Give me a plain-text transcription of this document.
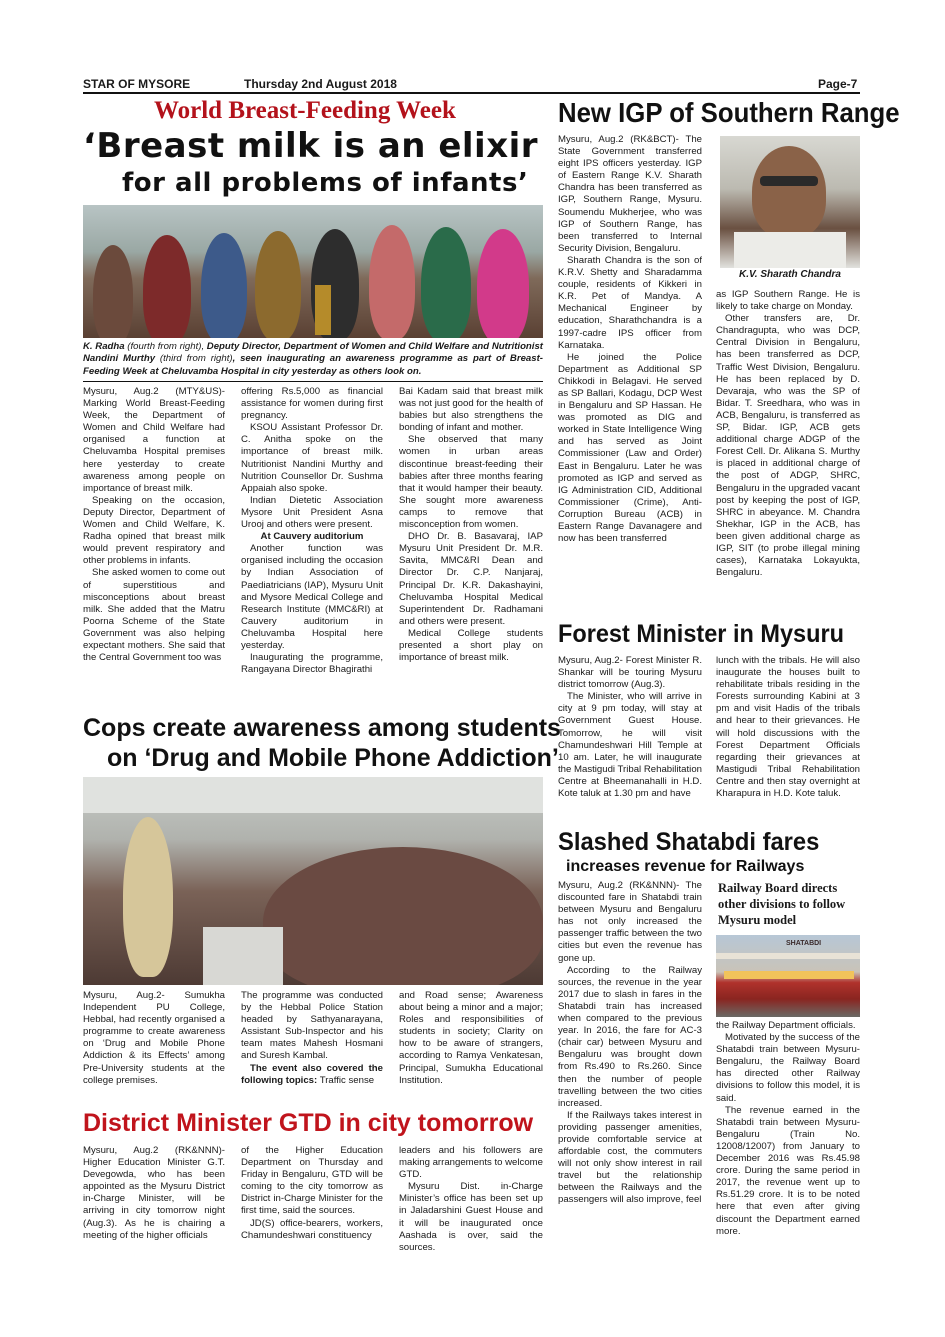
STAR OF MYSORE	Thursday 2nd August 2018	Page-7
World Breast-Feeding Week
‘Breast milk is an elixir
for all problems of infants’
K. Radha (fourth from right), Deputy Director, Department of Women and Child Welfare and Nutritionist Nandini Murthy (third from right), seen inaugurating an awareness programme as part of Breast-Feeding Week at Cheluvamba Hospital in city yesterday as others look on.

Mysuru, Aug.2 (MTY&US)- Marking World Breast-Feeding Week, the Department of Women and Child Welfare had organised a function at Cheluvamba Hospital premises here yesterday to create awareness among people on importance of breast milk.

Speaking on the occasion, Deputy Director, Department of Women and Child Welfare, K. Radha opined that breast milk would prevent respiratory and other problems in infants.

She asked women to come out of superstitious and misconceptions about breast milk. She added that the Matru Poorna Scheme of the State Government was also helping expectant mothers. She said that the Central Government too was

offering Rs.5,000 as financial assistance for women during first pregnancy.

KSOU Assistant Professor Dr. C. Anitha spoke on the importance of breast milk. Nutritionist Nandini Murthy and Nutrition Counsellor Dr. Sushma Appaiah also spoke.

Indian Dietetic Association Mysore Unit President Asna Urooj and others were present.

At Cauvery auditorium

Another function was organised including the occasion by Indian Association of Paediatricians (IAP), Mysuru Unit and Mysore Medical College and Research Institute (MMC&RI) at Cauvery auditorium in Cheluvamba Hospital here yesterday.

Inaugurating the programme, Rangayana Director Bhagirathi

Bai Kadam said that breast milk was not just good for the health of babies but also strengthens the bonding of infant and mother.

She observed that many women in urban areas discontinue breast-feeding their babies after three months fearing that it would hamper their beauty. She sought more awareness camps to remove that misconception from women.

DHO Dr. B. Basavaraj, IAP Mysuru Unit President Dr. M.R. Savita, MMC&RI Dean and Director Dr. C.P. Nanjaraj, Principal Dr. K.R. Dakashayini, Cheluvamba Hospital Medical Superintendent Dr. Radhamani and others were present.

Medical College students presented a short play on importance of breast milk.

Cops create awareness among students
on ‘Drug and Mobile Phone Addiction’

Mysuru, Aug.2- Sumukha Independent PU College, Hebbal, had recently organised a programme to create awareness on ‘Drug and Mobile Phone Addiction & its Effects’ among Pre-University students at the college premises.

The programme was conducted by the Hebbal Police Station headed by Sathyanarayana, Assistant Sub-Inspector and his team mates Mahesh Hosmani and Suresh Kambal.

The event also covered the following topics: Traffic sense

and Road sense; Awareness about being a minor and a major; Roles and responsibilities of students in society; Clarity on how to be aware of strangers, according to Ramya Venkatesan, Principal, Sumukha Educational Institution.

District Minister GTD in city tomorrow

Mysuru, Aug.2 (RK&NNN)- Higher Education Minister G.T. Devegowda, who has been appointed as the Mysuru District in-Charge Minister, will be arriving in city tomorrow night (Aug.3). As he is chairing a meeting of the higher officials

of the Higher Education Department on Thursday and Friday in Bengaluru, GTD will be coming to the city tomorrow as District in-Charge Minister for the first time, said the sources.

JD(S) office-bearers, workers, Chamundeshwari constituency

leaders and his followers are making arrangements to welcome GTD.

Mysuru Dist. in-Charge Minister’s office has been set up in Jaladarshini Guest House and it will be inaugurated once Aashada is over, said the sources.

New IGP of Southern Range
K.V. Sharath Chandra

Mysuru, Aug.2 (RK&BCT)- The State Government transferred eight IPS officers yesterday. IGP of Eastern Range K.V. Sharath Chandra has been transferred as IGP, Southern Range, Mysuru. Soumendu Mukherjee, who was IGP of Southern Range, has been transferred to Internal Security Division, Bengaluru.

Sharath Chandra is the son of K.R.V. Shetty and Sharadamma couple, residents of Kikkeri in K.R. Pet of Mandya. A Mechanical Engineer by education, Sharathchandra is a 1997-cadre IPS officer from Karnataka.

He joined the Police Department as Additional SP Chikkodi in Belagavi. He served as SP Ballari, Kodagu, DCP West in Bengaluru and SP Hassan. He was promoted as DIG and worked in State Intelligence Wing and has served as Joint Commissioner (Law and Order) East in Bengaluru. Later he was promoted as IGP and served as IG Administration CID, Additional Commissioner (Crime), Anti-Corruption Bureau (ACB) in Eastern Range Davanagere and now has been transferred

as IGP Southern Range. He is likely to take charge on Monday.

Other transfers are, Dr. Chandragupta, who was DCP, Central Division in Bengaluru, has been transferred as DCP, Traffic West Division, Bengaluru. He has been replaced by D. Devaraja, who was the SP of Bidar. T. Sreedhara, who was in ACB, Bengaluru, is transferred as SP, Bidar. IGP, ACB gets additional charge ADGP of the Forest Cell. Dr. Alikana S. Murthy is placed in additional charge of the post of ADGP, SHRC, Bengaluru in the upgraded vacant post by keeping the post of IGP, SHRC in abeyance. M. Chandra Shekhar, IGP in the ACB, has been given additional charge as IGP, SIT (to probe illegal mining cases), Karnataka Lokayukta, Bengaluru.

Forest Minister in Mysuru

Mysuru, Aug.2- Forest Minister R. Shankar will be touring Mysuru district tomorrow (Aug.3).

The Minister, who will arrive in city at 9 pm today, will stay at Government Guest House. Tomorrow, he will visit Chamundeshwari Hill Temple at 10 am. Later, he will inaugurate the Mastigudi Tribal Rehabilitation Centre at Bheemanahalli in H.D. Kote taluk at 1.30 pm and have

lunch with the tribals. He will also inaugurate the houses built to rehabilitate tribals residing in the Forests surrounding Kabini at 3 pm and visit Hadis of the tribals and hear to their grievances. He will hold discussions with the Forest Department Officials regarding their grievances at Mastigudi Tribal Rehabilitation Centre and then stay overnight at Kharapura in H.D. Kote taluk.

Slashed Shatabdi fares
increases revenue for Railways
Railway Board directs other divisions to follow Mysuru model
SHATABDI

Mysuru, Aug.2 (RK&NNN)- The discounted fare in Shatabdi train between Mysuru and Bengaluru has not only increased the passenger traffic between the two cities but even the revenue has gone up.

According to the Railway sources, the revenue in the year 2017 due to slash in fares in the Shatabdi train has increased when compared to the previous year. In 2016, the fare for AC-3 (chair car) between Mysuru and Bengaluru was brought down from Rs.490 to Rs.260. Since then the number of people travelling between the two cities increased.

If the Railways takes interest in providing passenger amenities, provide comfortable service at affordable cost, the commuters will not only show interest in rail travel but the relationship between the Railways and the passengers will also improve, feel

the Railway Department officials.

Motivated by the success of the Shatabdi train between Mysuru-Bengaluru, the Railway Board has directed other Railway divisions to follow this model, it is said.

The revenue earned in the Shatabdi train between Mysuru-Bengaluru (Train No. 12008/12007) from January to December 2016 was Rs.45.98 crore. During the same period in 2017, the revenue went up to Rs.51.29 crore. It is to be noted here that even after giving discount the Department earned more.
